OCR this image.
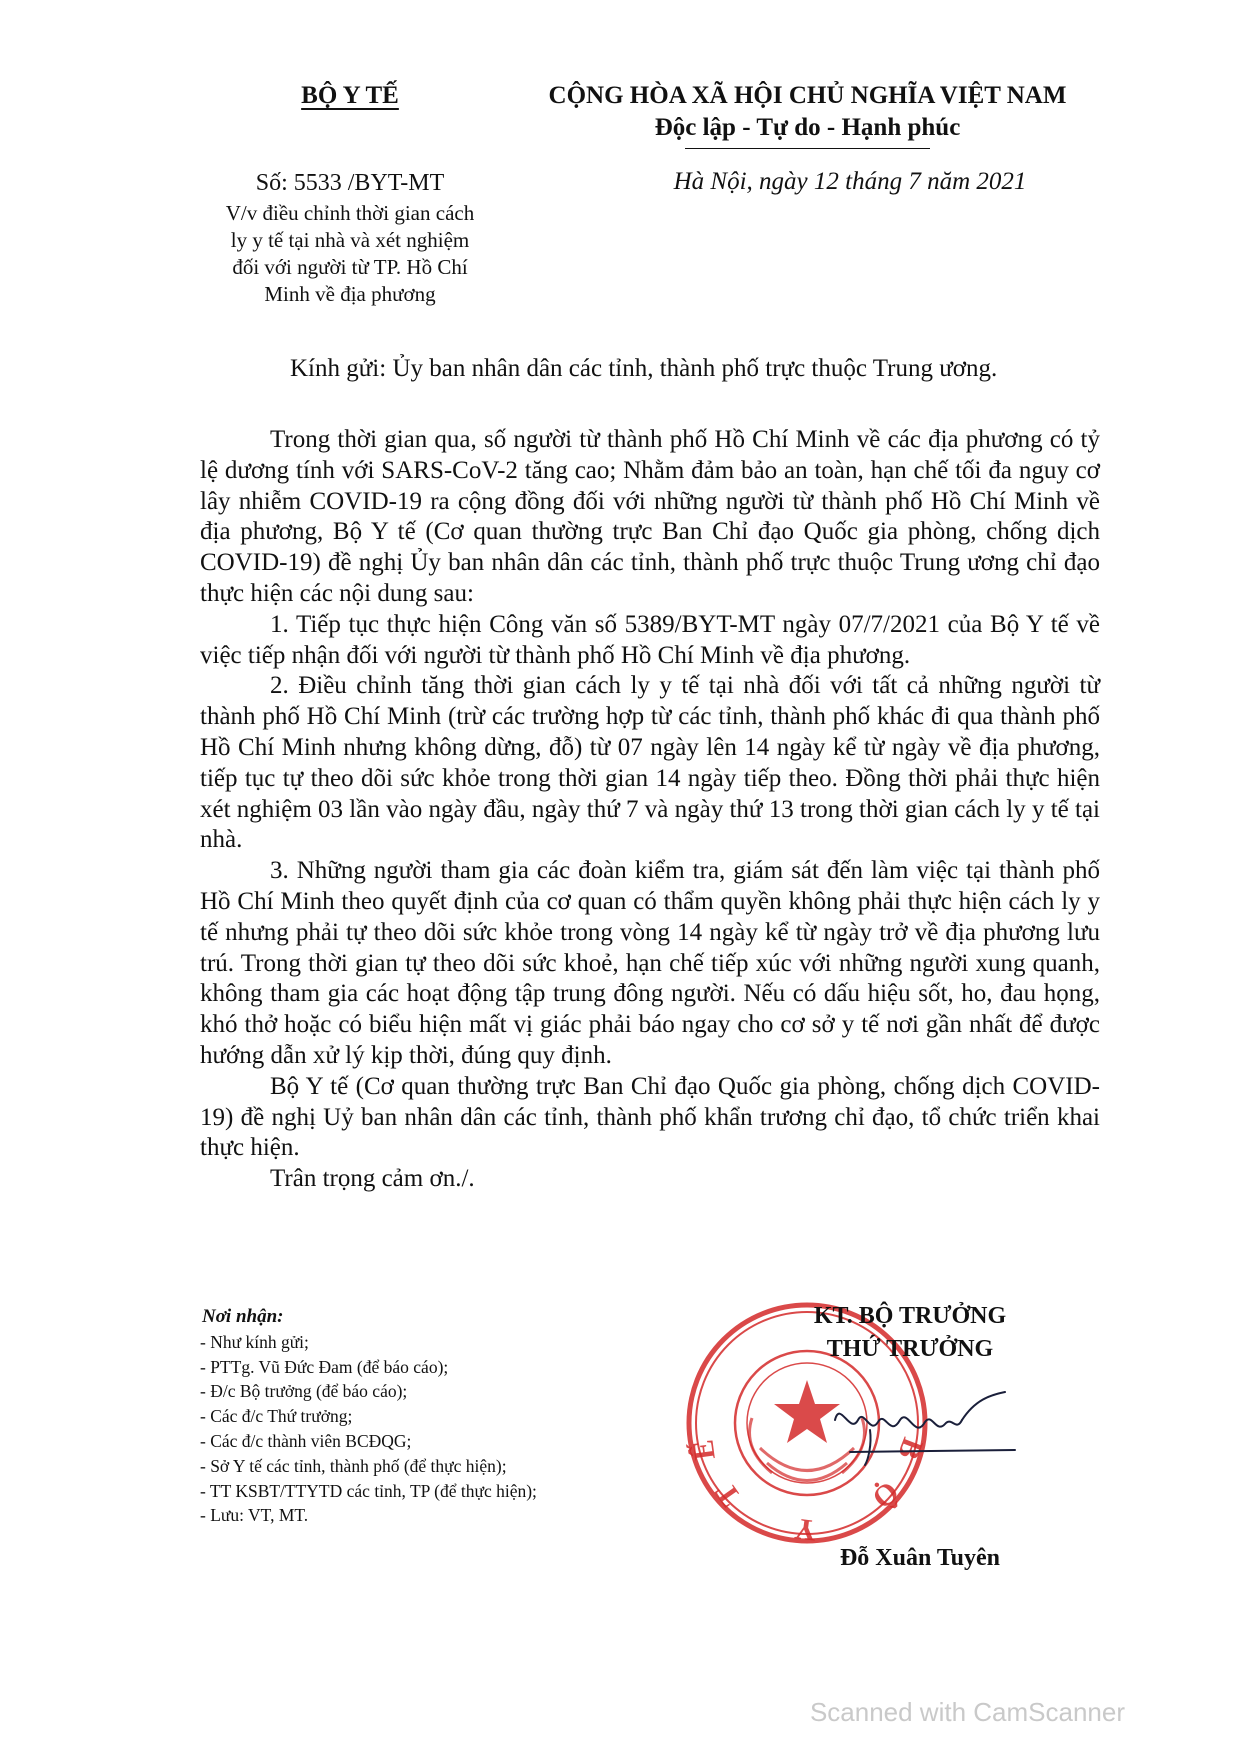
BỘ Y TẾ
Số: 5533 /BYT-MT
V/v điều chỉnh thời gian cách
ly y tế tại nhà và xét nghiệm
đối với người từ TP. Hồ Chí
Minh về địa phương
CỘNG HÒA XÃ HỘI CHỦ NGHĨA VIỆT NAM
Độc lập - Tự do - Hạnh phúc
Hà Nội, ngày 12 tháng 7 năm 2021
Kính gửi: Ủy ban nhân dân các tỉnh, thành phố trực thuộc Trung ương.

Trong thời gian qua, số người từ thành phố Hồ Chí Minh về các địa phương có tỷ lệ dương tính với SARS-CoV-2 tăng cao; Nhằm đảm bảo an toàn, hạn chế tối đa nguy cơ lây nhiễm COVID-19 ra cộng đồng đối với những người từ thành phố Hồ Chí Minh về địa phương, Bộ Y tế (Cơ quan thường trực Ban Chỉ đạo Quốc gia phòng, chống dịch COVID-19) đề nghị Ủy ban nhân dân các tỉnh, thành phố trực thuộc Trung ương chỉ đạo thực hiện các nội dung sau:

1. Tiếp tục thực hiện Công văn số 5389/BYT-MT ngày 07/7/2021 của Bộ Y tế về việc tiếp nhận đối với người từ thành phố Hồ Chí Minh về địa phương.

2. Điều chỉnh tăng thời gian cách ly y tế tại nhà đối với tất cả những người từ thành phố Hồ Chí Minh (trừ các trường hợp từ các tỉnh, thành phố khác đi qua thành phố Hồ Chí Minh nhưng không dừng, đỗ) từ 07 ngày lên 14 ngày kể từ ngày về địa phương, tiếp tục tự theo dõi sức khỏe trong thời gian 14 ngày tiếp theo. Đồng thời phải thực hiện xét nghiệm 03 lần vào ngày đầu, ngày thứ 7 và ngày thứ 13 trong thời gian cách ly y tế tại nhà.

3. Những người tham gia các đoàn kiểm tra, giám sát đến làm việc tại thành phố Hồ Chí Minh theo quyết định của cơ quan có thẩm quyền không phải thực hiện cách ly y tế nhưng phải tự theo dõi sức khỏe trong vòng 14 ngày kể từ ngày trở về địa phương lưu trú. Trong thời gian tự theo dõi sức khoẻ, hạn chế tiếp xúc với những người xung quanh, không tham gia các hoạt động tập trung đông người. Nếu có dấu hiệu sốt, ho, đau họng, khó thở hoặc có biểu hiện mất vị giác phải báo ngay cho cơ sở y tế nơi gần nhất để được hướng dẫn xử lý kịp thời, đúng quy định.

Bộ Y tế (Cơ quan thường trực Ban Chỉ đạo Quốc gia phòng, chống dịch COVID-19) đề nghị Uỷ ban nhân dân các tỉnh, thành phố khẩn trương chỉ đạo, tổ chức triển khai thực hiện.

Trân trọng cảm ơn./.

Nơi nhận:
- Như kính gửi;
- PTTg. Vũ Đức Đam (để báo cáo);
- Đ/c Bộ trưởng (để báo cáo);
- Các đ/c Thứ trưởng;
- Các đ/c thành viên BCĐQG;
- Sở Y tế các tỉnh, thành phố (để thực hiện);
- TT KSBT/TTYTD các tỉnh, TP (để thực hiện);
- Lưu: VT, MT.
BỘ Y TẾ
KT. BỘ TRƯỞNG
THỨ TRƯỞNG
Đỗ Xuân Tuyên
Scanned with CamScanner
